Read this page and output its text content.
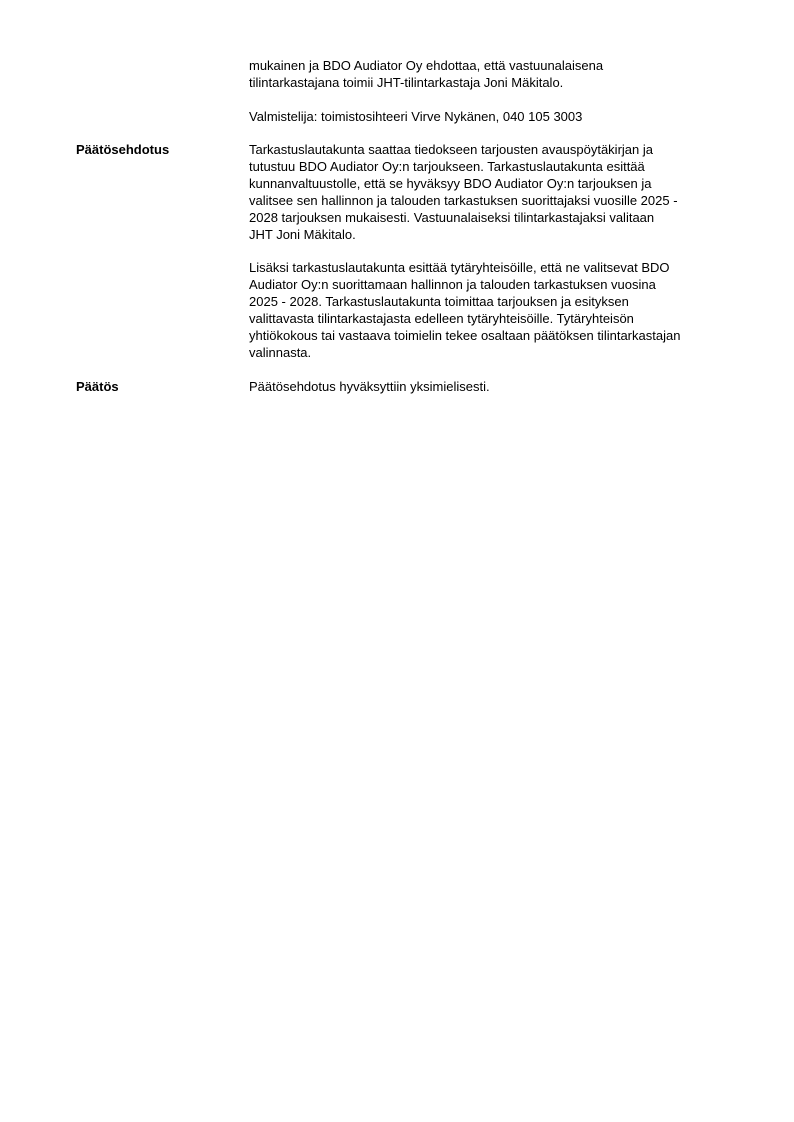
mukainen ja BDO Audiator Oy ehdottaa, että vastuunalaisena
tilintarkastajana toimii JHT-tilintarkastaja Joni Mäkitalo.

Valmistelija: toimistosihteeri Virve Nykänen, 040 105 3003

Päätösehdotus	Tarkastuslautakunta saattaa tiedokseen tarjousten avauspöytäkirjan ja
tutustuu BDO Audiator Oy:n tarjoukseen. Tarkastuslautakunta esittää
kunnanvaltuustolle, että se hyväksyy BDO Audiator Oy:n tarjouksen ja
valitsee sen hallinnon ja talouden tarkastuksen suorittajaksi vuosille 2025 -
2028 tarjouksen mukaisesti. Vastuunalaiseksi tilintarkastajaksi valitaan
JHT Joni Mäkitalo.

Lisäksi tarkastuslautakunta esittää tytäryhteisöille, että ne valitsevat BDO
Audiator Oy:n suorittamaan hallinnon ja talouden tarkastuksen vuosina
2025 - 2028. Tarkastuslautakunta toimittaa tarjouksen ja esityksen
valittavasta tilintarkastajasta edelleen tytäryhteisöille. Tytäryhteisön
yhtiökokous tai vastaava toimielin tekee osaltaan päätöksen tilintarkastajan
valinnasta.

Päätös	Päätösehdotus hyväksyttiin yksimielisesti.
